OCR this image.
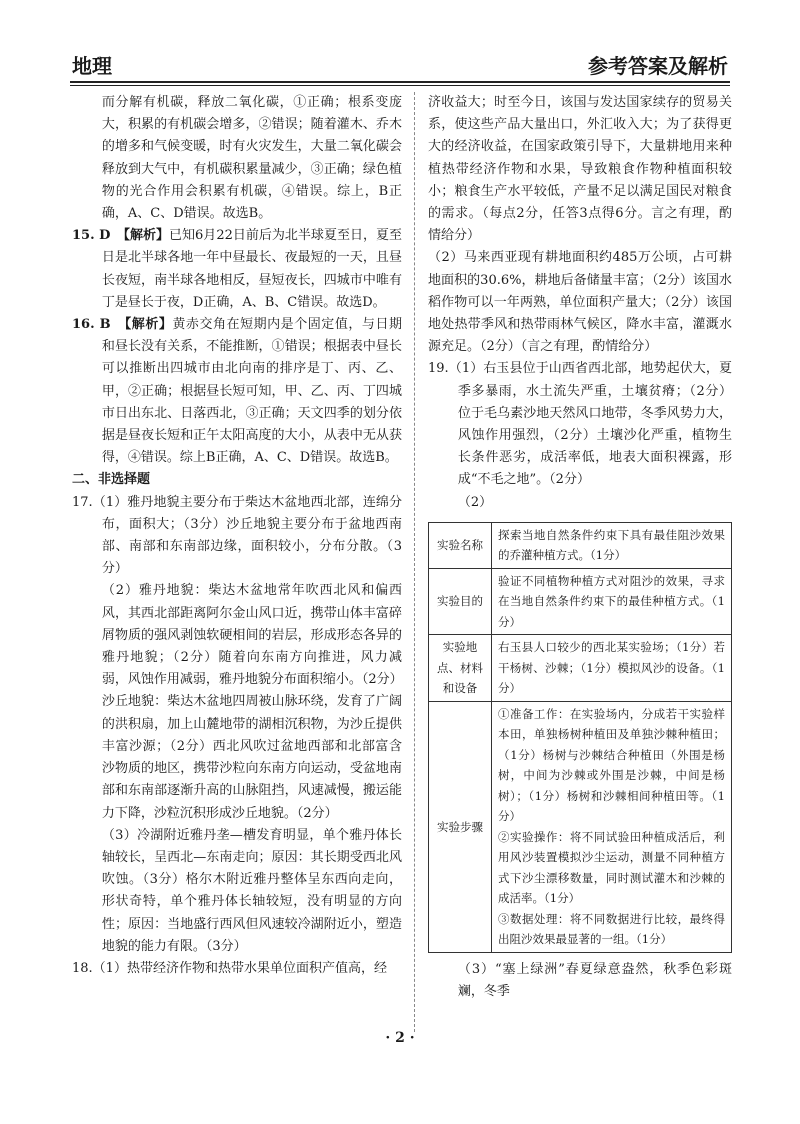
地理	参考答案及解析

而分解有机碳，释放二氧化碳，①正确；根系变庞大，积累的有机碳会增多，②错误；随着灌木、乔木的增多和气候变暖，时有火灾发生，大量二氧化碳会释放到大气中，有机碳积累量减少，③正确；绿色植物的光合作用会积累有机碳，④错误。综上，B正确，A、C、D错误。故选B。

15. D　【解析】已知6月22日前后为北半球夏至日，夏至日是北半球各地一年中昼最长、夜最短的一天，且昼长夜短，南半球各地相反，昼短夜长，四城市中唯有丁是昼长于夜，D正确，A、B、C错误。故选D。

16. B　【解析】黄赤交角在短期内是个固定值，与日期和昼长没有关系，不能推断，①错误；根据表中昼长可以推断出四城市由北向南的排序是丁、丙、乙、甲，②正确；根据昼长短可知，甲、乙、丙、丁四城市日出东北、日落西北，③正确；天文四季的划分依据是昼夜长短和正午太阳高度的大小，从表中无从获得，④错误。综上B正确，A、C、D错误。故选B。

二、非选择题

17.（1）雅丹地貌主要分布于柴达木盆地西北部，连绵分布，面积大；（3分）沙丘地貌主要分布于盆地西南部、南部和东南部边缘，面积较小，分布分散。（3分）

（2）雅丹地貌：柴达木盆地常年吹西北风和偏西风，其西北部距离阿尔金山风口近，携带山体丰富碎屑物质的强风剥蚀软硬相间的岩层，形成形态各异的雅丹地貌；（2分）随着向东南方向推进，风力减弱，风蚀作用减弱，雅丹地貌分布面积缩小。（2分）

沙丘地貌：柴达木盆地四周被山脉环绕，发育了广阔的洪积扇，加上山麓地带的湖相沉积物，为沙丘提供丰富沙源；（2分）西北风吹过盆地西部和北部富含沙物质的地区，携带沙粒向东南方向运动，受盆地南部和东南部逐渐升高的山脉阻挡，风速减慢，搬运能力下降，沙粒沉积形成沙丘地貌。（2分）

（3）冷湖附近雅丹垄—槽发育明显，单个雅丹体长轴较长，呈西北—东南走向；原因：其长期受西北风吹蚀。（3分）格尔木附近雅丹整体呈东西向走向，形状奇特，单个雅丹体长轴较短，没有明显的方向性；原因：当地盛行西风但风速较冷湖附近小，塑造地貌的能力有限。（3分）

18.（1）热带经济作物和热带水果单位面积产值高，经

济收益大；时至今日，该国与发达国家续存的贸易关系，使这些产品大量出口，外汇收入大；为了获得更大的经济收益，在国家政策引导下，大量耕地用来种植热带经济作物和水果，导致粮食作物种植面积较小；粮食生产水平较低，产量不足以满足国民对粮食的需求。（每点2分，任答3点得6分。言之有理，酌情给分）

（2）马来西亚现有耕地面积约485万公顷，占可耕地面积的30.6%，耕地后备储量丰富；（2分）该国水稻作物可以一年两熟，单位面积产量大；（2分）该国地处热带季风和热带雨林气候区，降水丰富，灌溉水源充足。（2分）（言之有理，酌情给分）

19.（1）右玉县位于山西省西北部，地势起伏大，夏季多暴雨，水土流失严重，土壤贫瘠；（2分）位于毛乌素沙地天然风口地带，冬季风势力大，风蚀作用强烈，（2分）土壤沙化严重，植物生长条件恶劣，成活率低，地表大面积裸露，形成“不毛之地”。（2分）

（2）

实验名称	探索当地自然条件约束下具有最佳阻沙效果的乔灌种植方式。（1分）
实验目的	验证不同植物种植方式对阻沙的效果，寻求在当地自然条件约束下的最佳种植方式。（1分）
实验地点、材料和设备	右玉县人口较少的西北某实验场；（1分）若干杨树、沙棘；（1分）模拟风沙的设备。（1分）
实验步骤	①准备工作：在实验场内，分成若干实验样本田，单独杨树种植田及单独沙棘种植田；（1分）杨树与沙棘结合种植田（外围是杨树，中间为沙棘或外围是沙棘，中间是杨树）；（1分）杨树和沙棘相间种植田等。（1分）
②实验操作：将不同试验田种植成活后，利用风沙装置模拟沙尘运动，测量不同种植方式下沙尘漂移数量，同时测试灌木和沙棘的成活率。（1分）
③数据处理：将不同数据进行比较，最终得出阻沙效果最显著的一组。（1分）

（3）“塞上绿洲”春夏绿意盎然，秋季色彩斑斓，冬季

· 2 ·
